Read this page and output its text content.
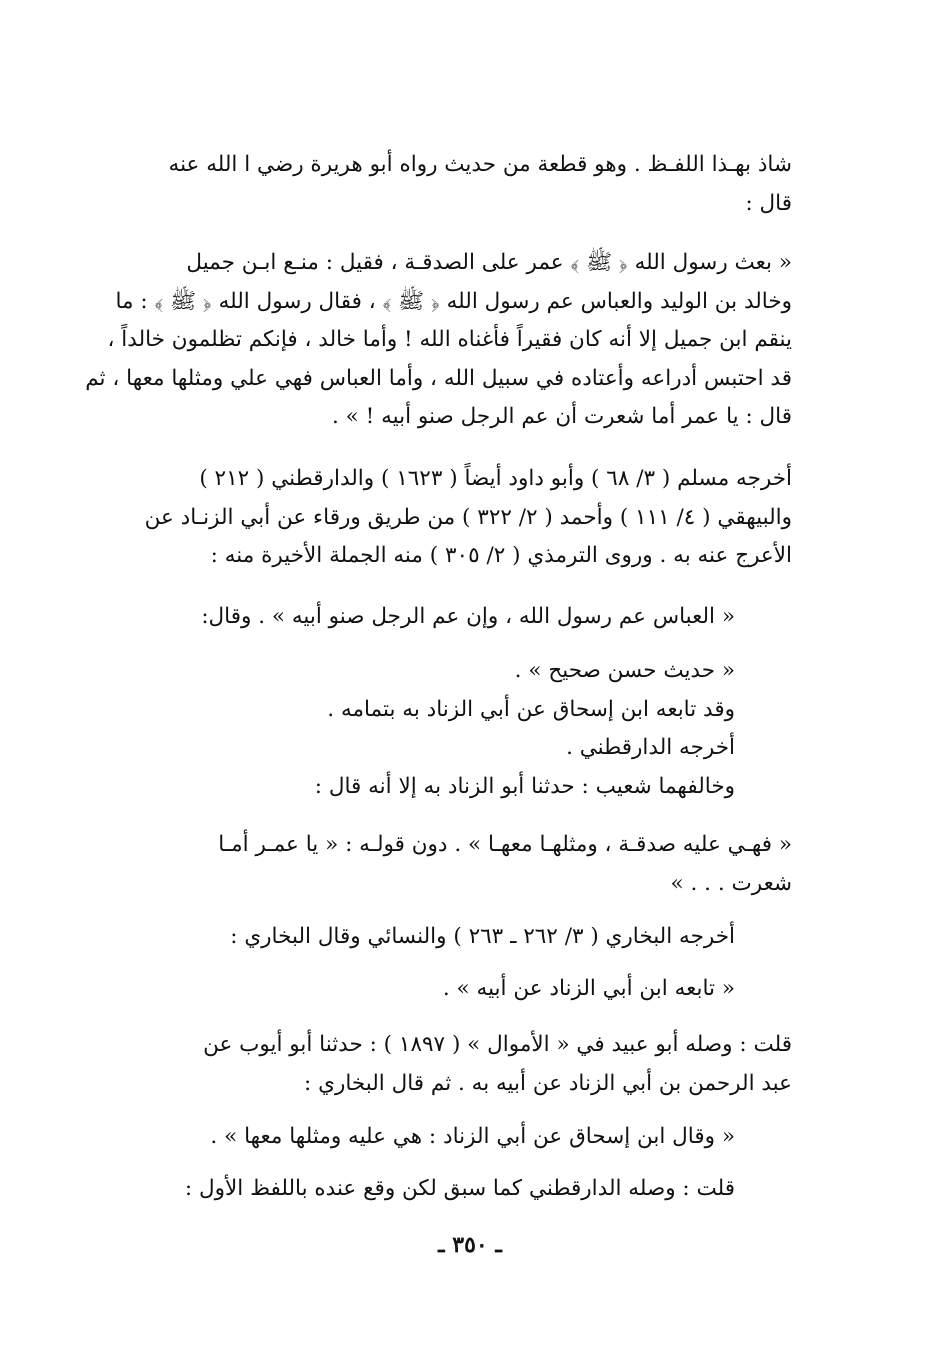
شاذ بهـذا اللفـظ . وهو قطعة من حديث رواه أبو هريرة رضي ا الله عنه
قال :
« بعث رسول الله ﴿ ﷺ ﴾ عمر على الصدقـة ، فقيل : منـع ابـن جميل
وخالد بن الوليد والعباس عم رسول الله ﴿ ﷺ ﴾ ، فقال رسول الله ﴿ ﷺ ﴾ : ما
ينقم ابن جميل إلا أنه كان فقيراً فأغناه الله ! وأما خالد ، فإنكم تظلمون خالداً ،
قد احتبس أدراعه وأعتاده في سبيل الله ، وأما العباس فهي علي ومثلها معها ، ثم
قال : يا عمر أما شعرت أن عم الرجل صنو أبيه ! » .
أخرجه مسلم ( ٣/ ٦٨ ) وأبو داود أيضاً ( ١٦٢٣ ) والدارقطني ( ٢١٢ )
والبيهقي ( ٤/ ١١١ ) وأحمد ( ٢/ ٣٢٢ ) من طريق ورقاء عن أبي الزنـاد عن
الأعرج عنه به . وروى الترمذي ( ٢/ ٣٠٥ ) منه الجملة الأخيرة منه :
« العباس عم رسول الله ، وإن عم الرجل صنو أبيه » . وقال:
« حديث حسن صحيح » .
وقد تابعه ابن إسحاق عن أبي الزناد به بتمامه .
أخرجه الدارقطني .
وخالفهما شعيب : حدثنا أبو الزناد به إلا أنه قال :
« فهـي عليه صدقـة ، ومثلهـا معهـا » . دون قولـه : « يا عمـر أمـا
شعرت . . . »
أخرجه البخاري ( ٣/ ٢٦٢ ـ ٢٦٣ ) والنسائي وقال البخاري :
« تابعه ابن أبي الزناد عن أبيه » .
قلت : وصله أبو عبيد في « الأموال » ( ١٨٩٧ ) : حدثنا أبو أيوب عن
عبد الرحمن بن أبي الزناد عن أبيه به . ثم قال البخاري :
« وقال ابن إسحاق عن أبي الزناد : هي عليه ومثلها معها » .
قلت : وصله الدارقطني كما سبق لكن وقع عنده باللفظ الأول :
ـ ٣٥٠ ـ
